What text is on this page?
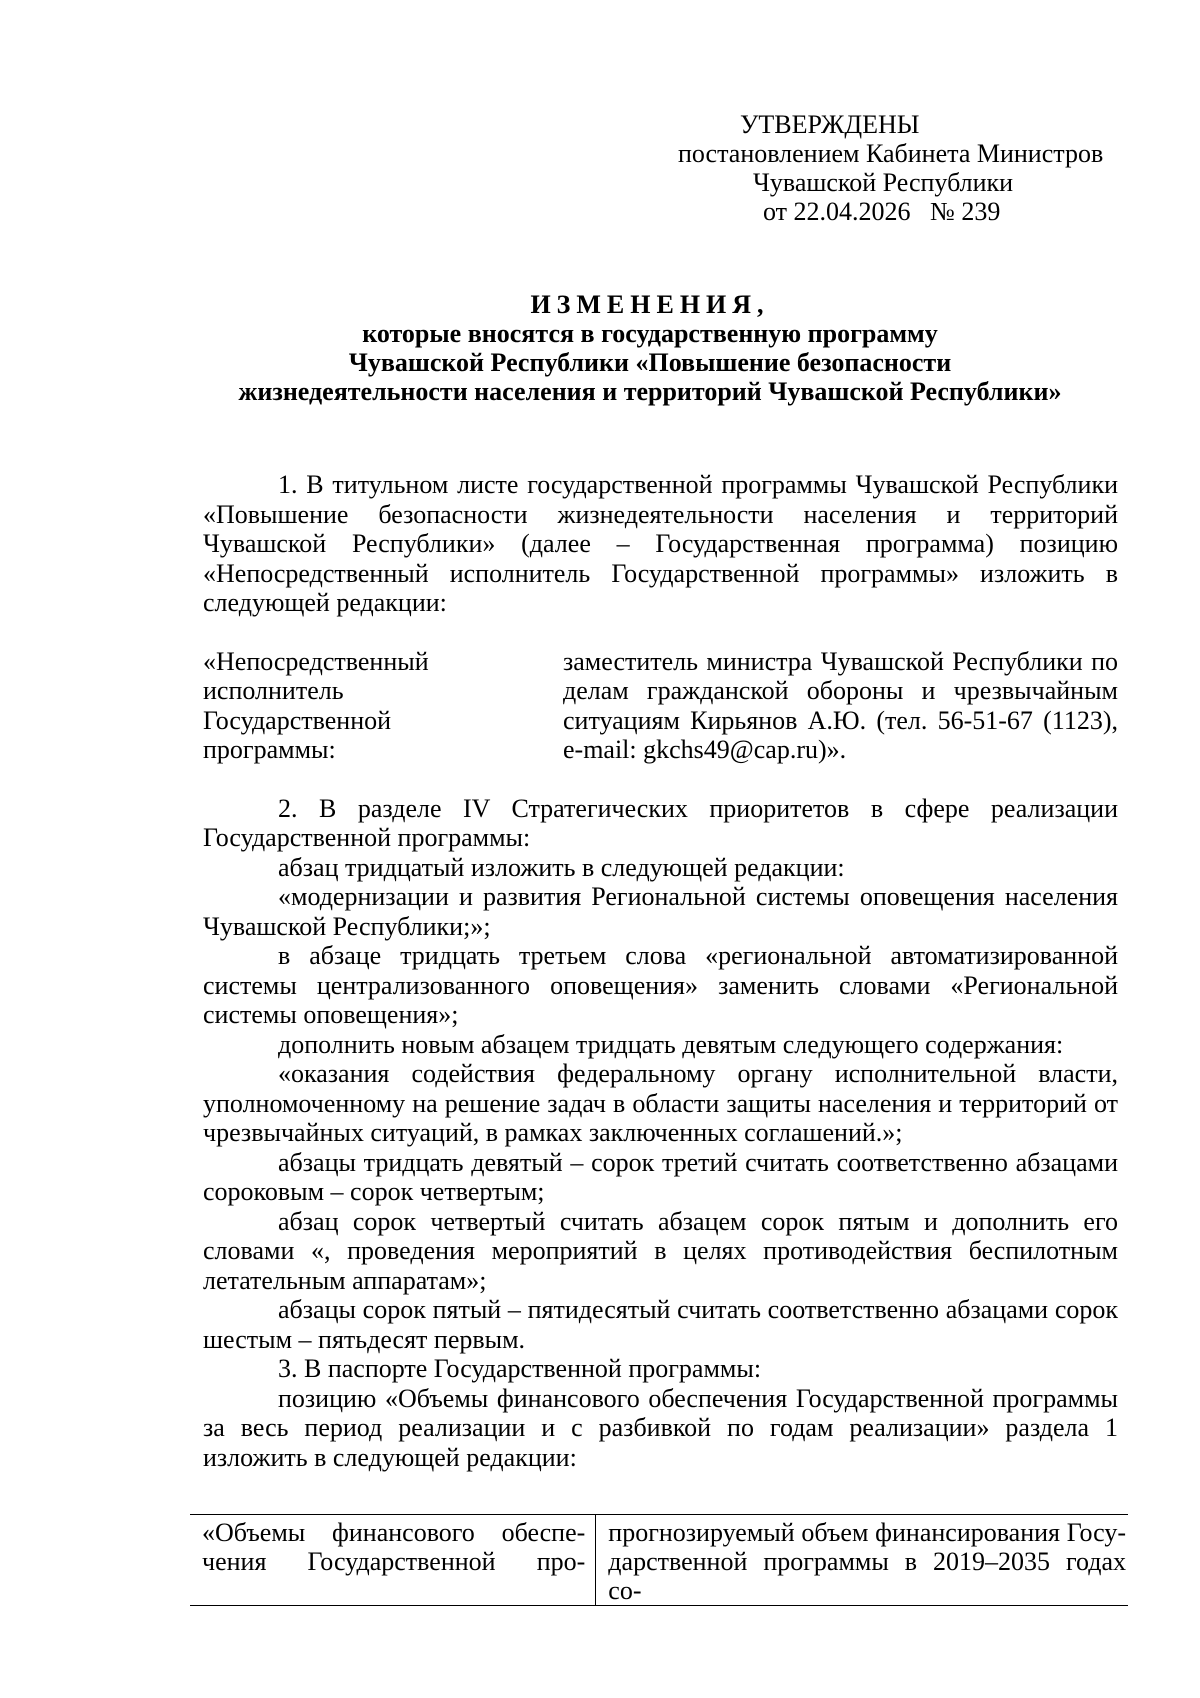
УТВЕРЖДЕНЫ
постановлением Кабинета Министров
Чувашской Республики
от 22.04.2026   № 239
ИЗМЕНЕНИЯ,
которые вносятся в государственную программу
Чувашской Республики «Повышение безопасности
жизнедеятельности населения и территорий Чувашской Республики»

1. В титульном листе государственной программы Чувашской Республики «Повышение безопасности жизнедеятельности населения и территорий Чувашской Республики» (далее – Государственная программа) позицию «Непосредственный исполнитель Государственной программы» изложить в следующей редакции:

«Непосредственный исполнитель Государственной программы:
заместитель министра Чувашской Республики по делам гражданской обороны и чрезвычайным ситуациям Кирьянов А.Ю. (тел. 56-51-67 (1123), e-mail: gkchs49@cap.ru)».

2. В разделе IV Стратегических приоритетов в сфере реализации Государственной программы:

абзац тридцатый изложить в следующей редакции:

«модернизации и развития Региональной системы оповещения населения Чувашской Республики;»;

в абзаце тридцать третьем слова «региональной автоматизированной системы централизованного оповещения» заменить словами «Региональной системы оповещения»;

дополнить новым абзацем тридцать девятым следующего содержания:

«оказания содействия федеральному органу исполнительной власти, уполномоченному на решение задач в области защиты населения и территорий от чрезвычайных ситуаций, в рамках заключенных соглашений.»;

абзацы тридцать девятый – сорок третий считать соответственно абзацами сороковым – сорок четвертым;

абзац сорок четвертый считать абзацем сорок пятым и дополнить его словами «, проведения мероприятий в целях противодействия беспилотным летательным аппаратам»;

абзацы сорок пятый – пятидесятый считать соответственно абзацами сорок шестым – пятьдесят первым.

3. В паспорте Государственной программы:

позицию «Объемы финансового обеспечения Государственной программы за весь период реализации и с разбивкой по годам реализации» раздела 1 изложить в следующей редакции:

«Объемы финансового обеспе-
чения Государственной про-
прогнозируемый объем финансирования Госу-
дарственной программы в 2019–2035 годах со-
